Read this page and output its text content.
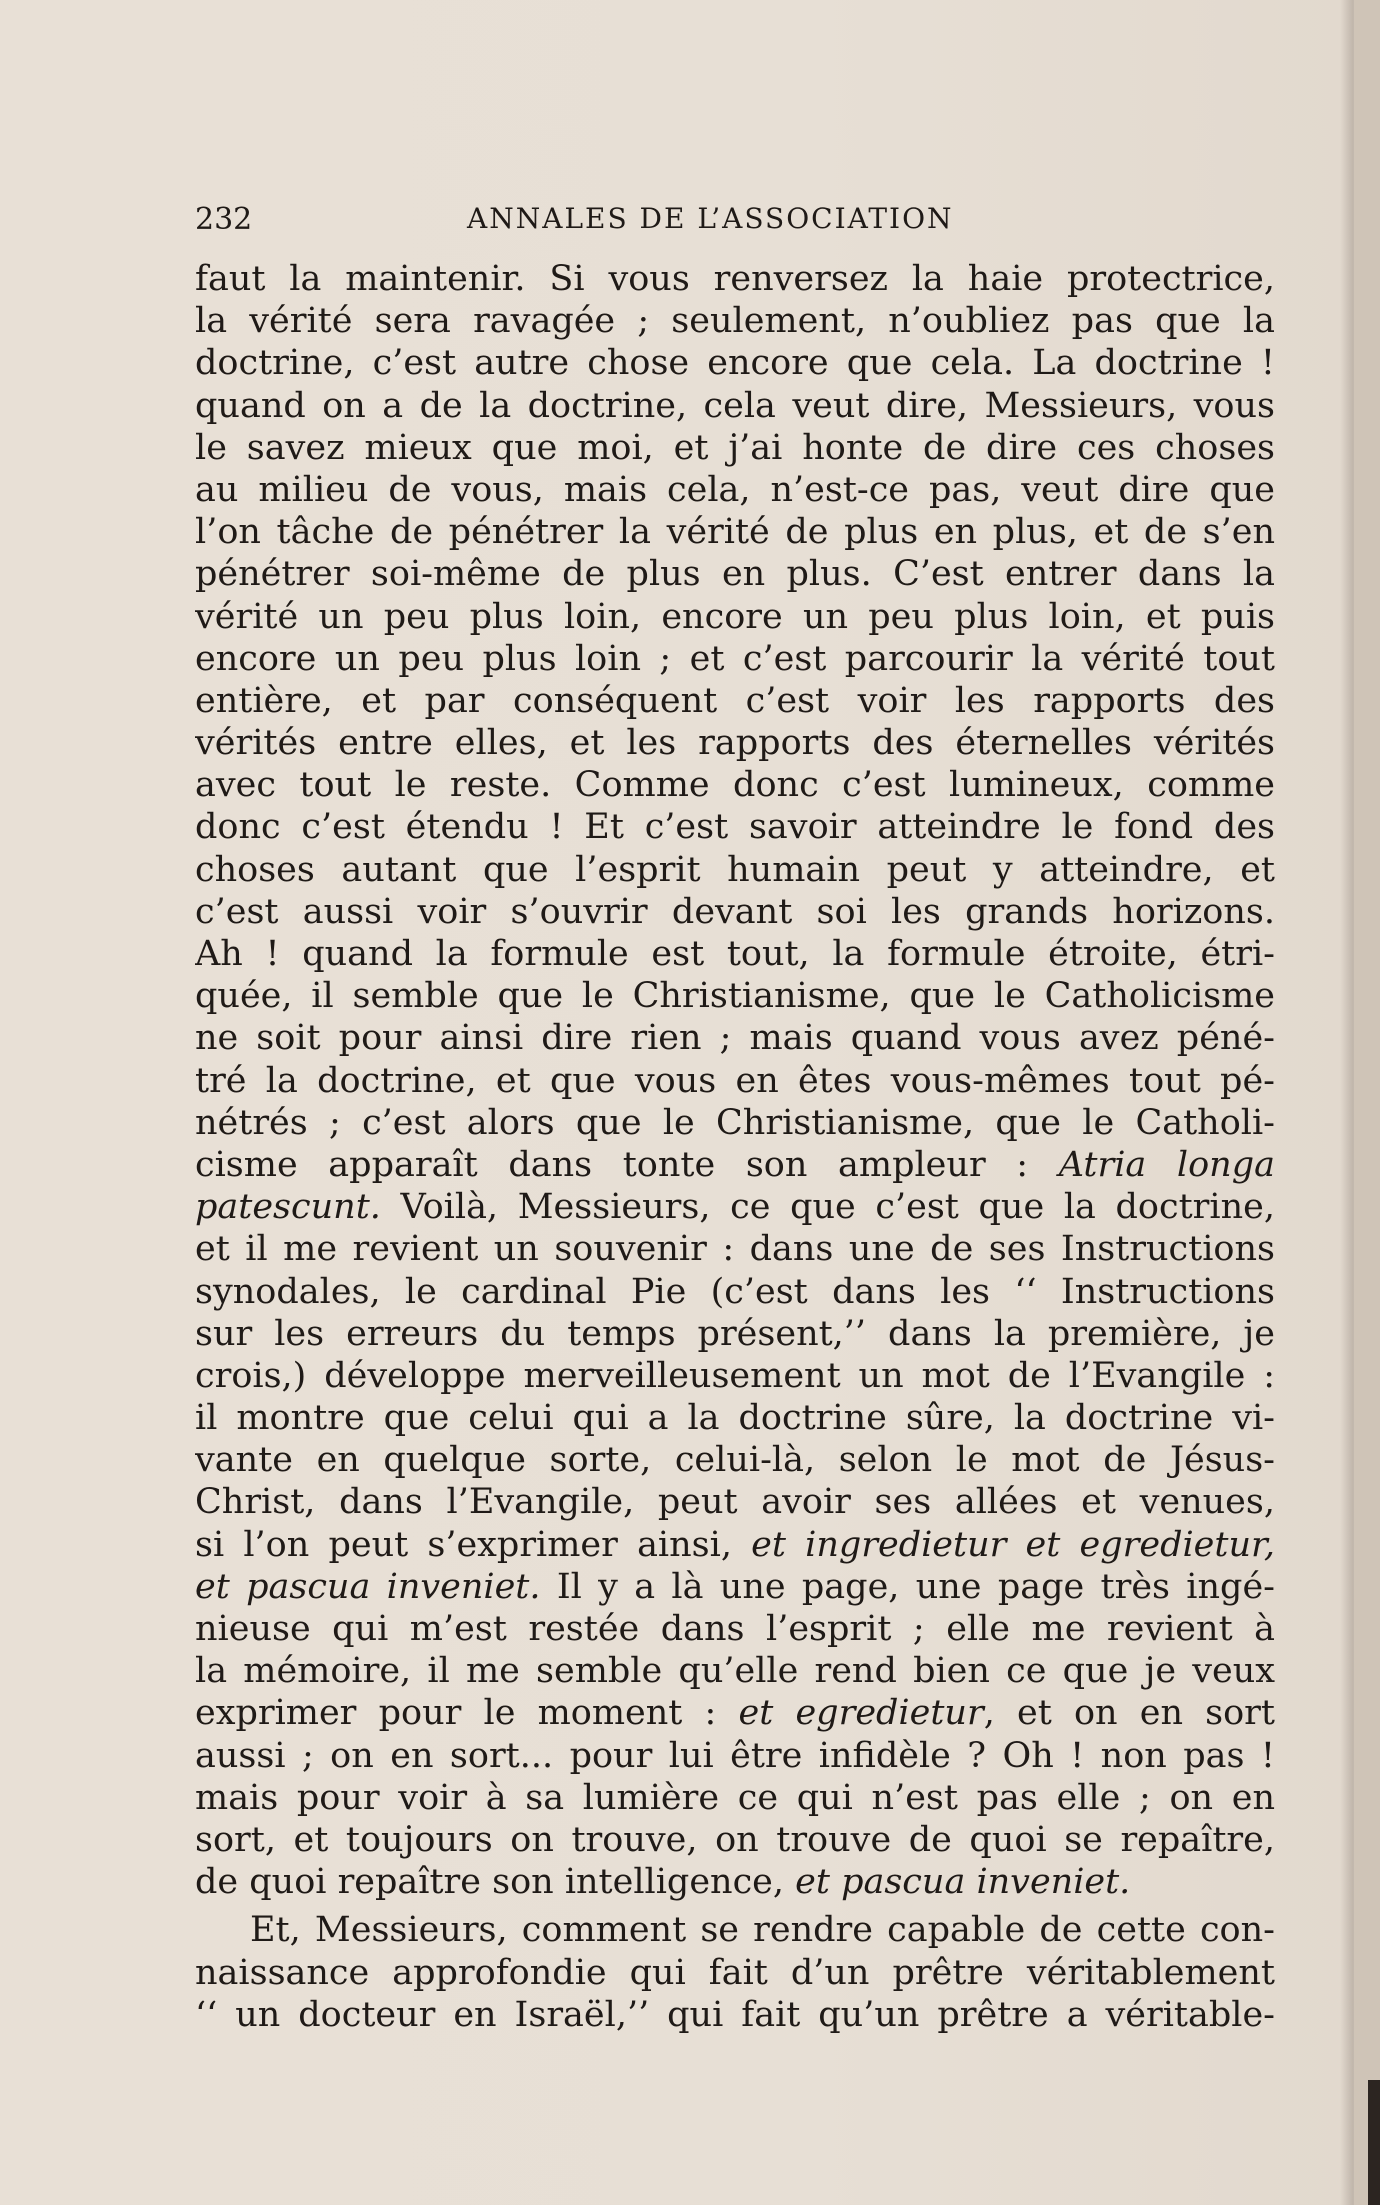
232	ANNALES DE L’ASSOCIATION
faut la maintenir. Si vous renversez la haie protectrice,
la vérité sera ravagée ; seulement, n’oubliez pas que la
doctrine, c’est autre chose encore que cela. La doctrine !
quand on a de la doctrine, cela veut dire, Messieurs, vous
le savez mieux que moi, et j’ai honte de dire ces choses
au milieu de vous, mais cela, n’est-ce pas, veut dire que
l’on tâche de pénétrer la vérité de plus en plus, et de s’en
pénétrer soi-même de plus en plus. C’est entrer dans la
vérité un peu plus loin, encore un peu plus loin, et puis
encore un peu plus loin ; et c’est parcourir la vérité tout
entière, et par conséquent c’est voir les rapports des
vérités entre elles, et les rapports des éternelles vérités
avec tout le reste. Comme donc c’est lumineux, comme
donc c’est étendu ! Et c’est savoir atteindre le fond des
choses autant que l’esprit humain peut y atteindre, et
c’est aussi voir s’ouvrir devant soi les grands horizons.
Ah ! quand la formule est tout, la formule étroite, étri-
quée, il semble que le Christianisme, que le Catholicisme
ne soit pour ainsi dire rien ; mais quand vous avez péné-
tré la doctrine, et que vous en êtes vous-mêmes tout pé-
nétrés ; c’est alors que le Christianisme, que le Catholi-
cisme apparaît dans tonte son ampleur : Atria longa
patescunt. Voilà, Messieurs, ce que c’est que la doctrine,
et il me revient un souvenir : dans une de ses Instructions
synodales, le cardinal Pie (c’est dans les ‘‘ Instructions
sur les erreurs du temps présent,’’ dans la première, je
crois,) développe merveilleusement un mot de l’Evangile :
il montre que celui qui a la doctrine sûre, la doctrine vi-
vante en quelque sorte, celui-là, selon le mot de Jésus-
Christ, dans l’Evangile, peut avoir ses allées et venues,
si l’on peut s’exprimer ainsi, et ingredietur et egredietur,
et pascua inveniet. Il y a là une page, une page très ingé-
nieuse qui m’est restée dans l’esprit ; elle me revient à
la mémoire, il me semble qu’elle rend bien ce que je veux
exprimer pour le moment : et egredietur, et on en sort
aussi ; on en sort... pour lui être infidèle ? Oh ! non pas !
mais pour voir à sa lumière ce qui n’est pas elle ; on en
sort, et toujours on trouve, on trouve de quoi se repaître,
de quoi repaître son intelligence, et pascua inveniet.
Et, Messieurs, comment se rendre capable de cette con-
naissance approfondie qui fait d’un prêtre véritablement
‘‘ un docteur en Israël,’’ qui fait qu’un prêtre a véritable-
